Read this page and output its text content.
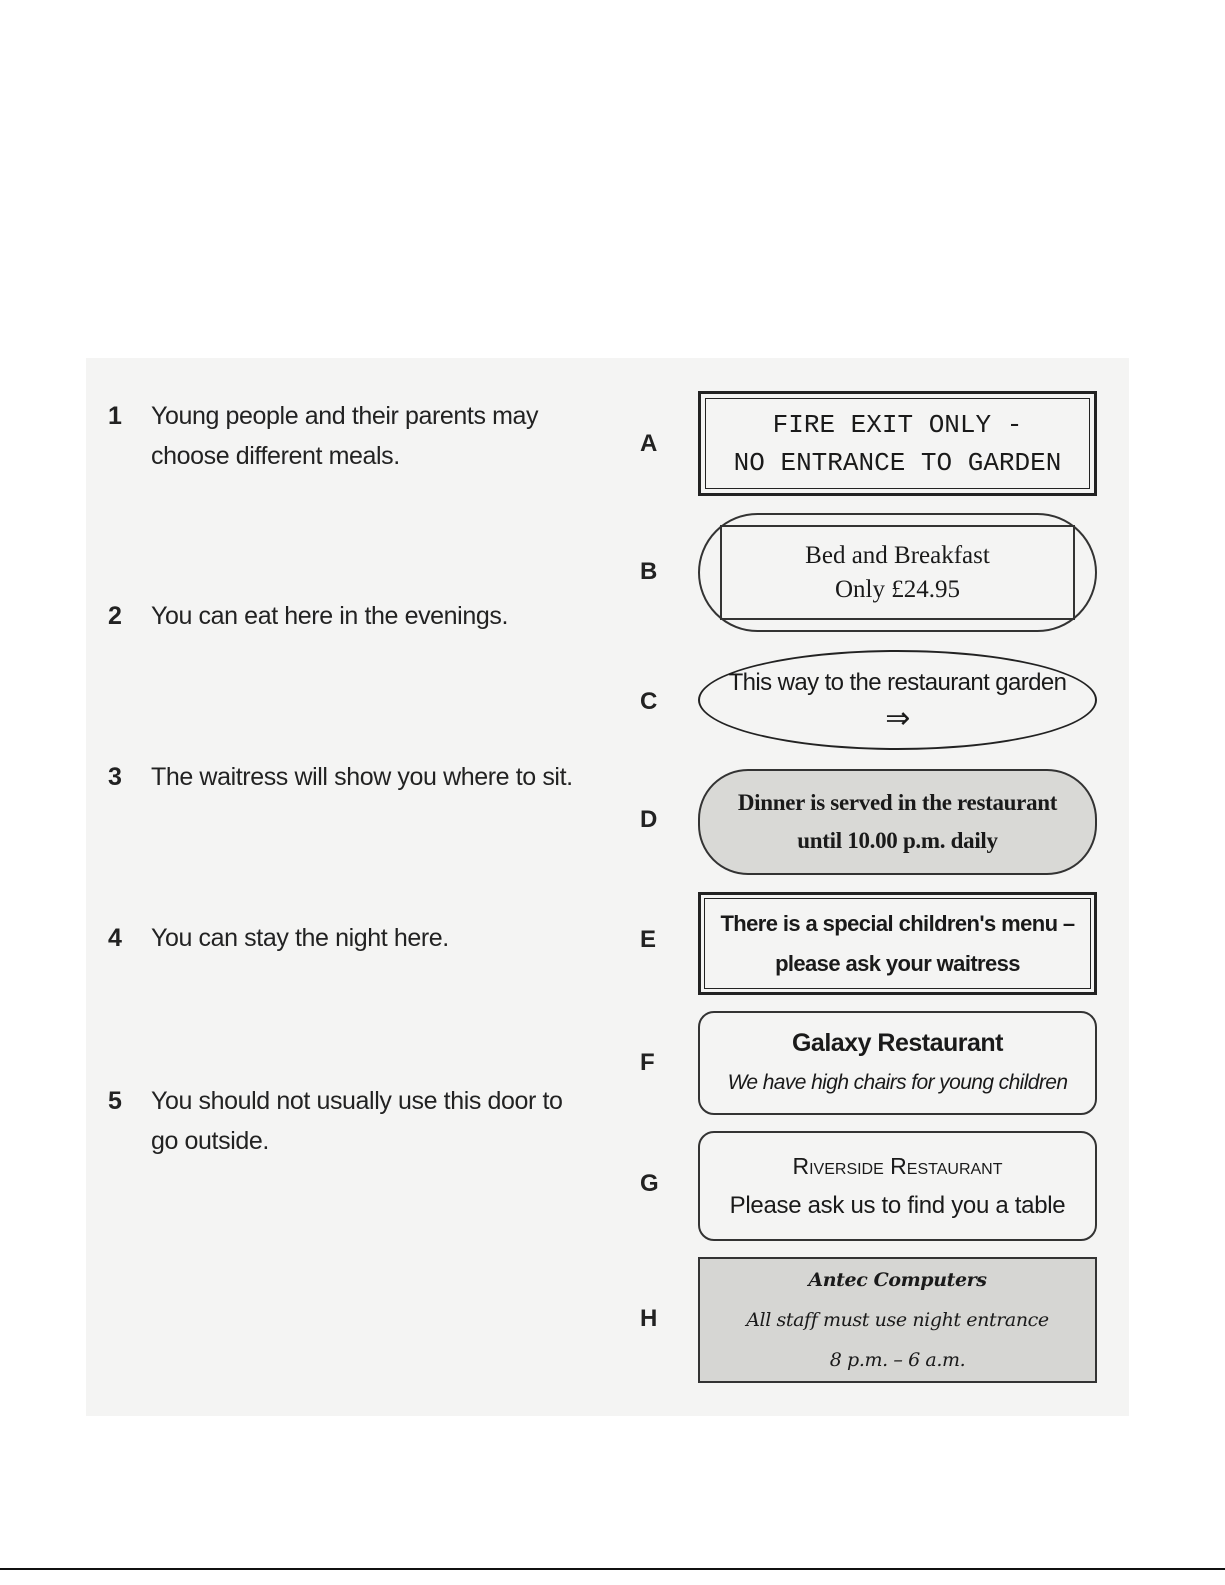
1 Young people and their parents may choose different meals.
2 You can eat here in the evenings.
3 The waitress will show you where to sit.
4 You can stay the night here.
5 You should not usually use this door to go outside.
A
B
C
D
E
F
G
H
FIRE EXIT ONLY -
NO ENTRANCE TO GARDEN
Bed and Breakfast
Only £24.95
This way to the restaurant garden
⇒
Dinner is served in the restaurant
until 10.00 p.m. daily
There is a special children's menu –
please ask your waitress
Galaxy Restaurant
We have high chairs for young children
Riverside Restaurant
Please ask us to find you a table
Antec Computers
All staff must use night entrance
8 p.m. – 6 a.m.
